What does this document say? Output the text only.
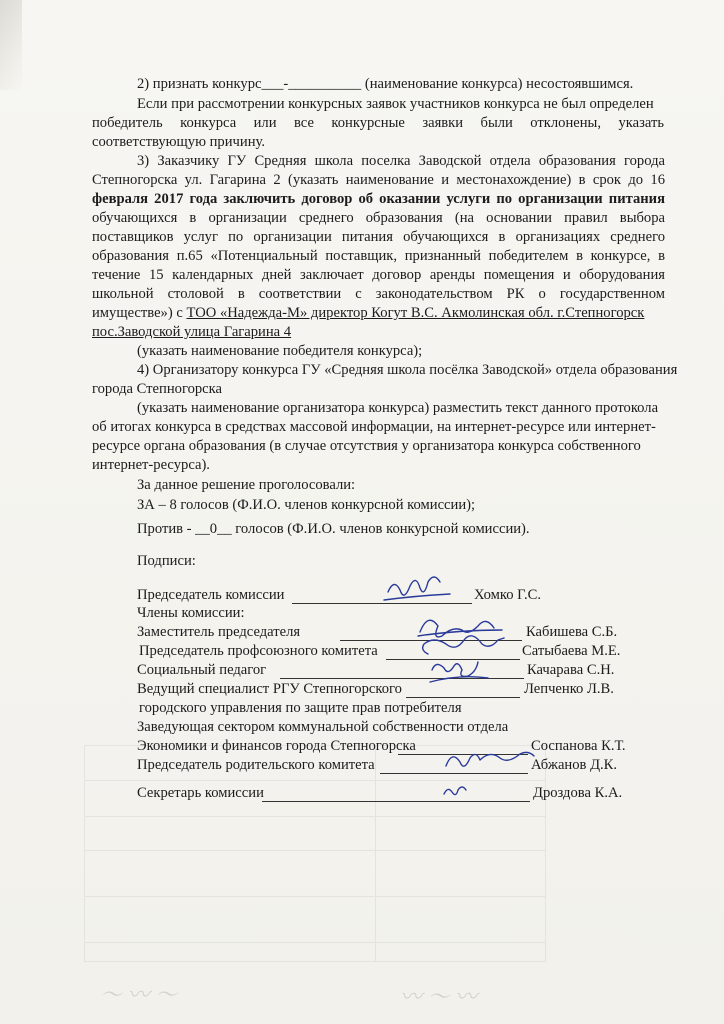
2) признать конкурс___-__________ (наименование конкурса) несостоявшимся.
Если при рассмотрении конкурсных заявок участников конкурса не был определен
победитель конкурса или все конкурсные заявки были отклонены, указать
соответствующую причину.
3) Заказчику ГУ Средняя школа поселка Заводской отдела образования города
Степногорска ул. Гагарина 2 (указать наименование и местонахождение) в срок до 16
февраля 2017 года заключить договор об оказании услуги по организации питания
обучающихся в организации среднего образования (на основании правил выбора
поставщиков услуг по организации питания обучающихся в организациях среднего
образования п.65 «Потенциальный поставщик, признанный победителем в конкурсе, в
течение 15 календарных дней заключает договор аренды помещения и оборудования
школьной столовой в соответствии с законодательством РК о государственном
имуществе») с ТОО «Надежда-М» директор Когут В.С. Акмолинская обл. г.Степногорск
пос.Заводской улица Гагарина 4
(указать наименование победителя конкурса);
4) Организатору конкурса ГУ «Средняя школа посёлка Заводской» отдела образования
города Степногорска
(указать наименование организатора конкурса) разместить текст данного протокола
об итогах конкурса в средствах массовой информации, на интернет-ресурсе или интернет-
ресурсе органа образования (в случае отсутствия у организатора конкурса собственного
интернет-ресурса).
За данное решение проголосовали:
ЗА – 8 голосов (Ф.И.О. членов конкурсной комиссии);
Против - __0__ голосов (Ф.И.О. членов конкурсной комиссии).
Подписи:
Председатель комиссии	Хомко Г.С.
Члены комиссии:
Заместитель председателя	Кабишева С.Б.
Председатель профсоюзного комитета	Сатыбаева М.Е.
Социальный педагог	Качарава С.Н.
Ведущий специалист РГУ Степногорского	Лепченко Л.В.
городского управления по защите прав потребителя
Заведующая сектором коммунальной собственности отдела
Экономики и финансов города Степногорска	Соспанова К.Т.
Председатель родительского комитета	Абжанов Д.К.
Секретарь комиссии	Дроздова К.А.
〜 〰 〜	〰 〜 〰
